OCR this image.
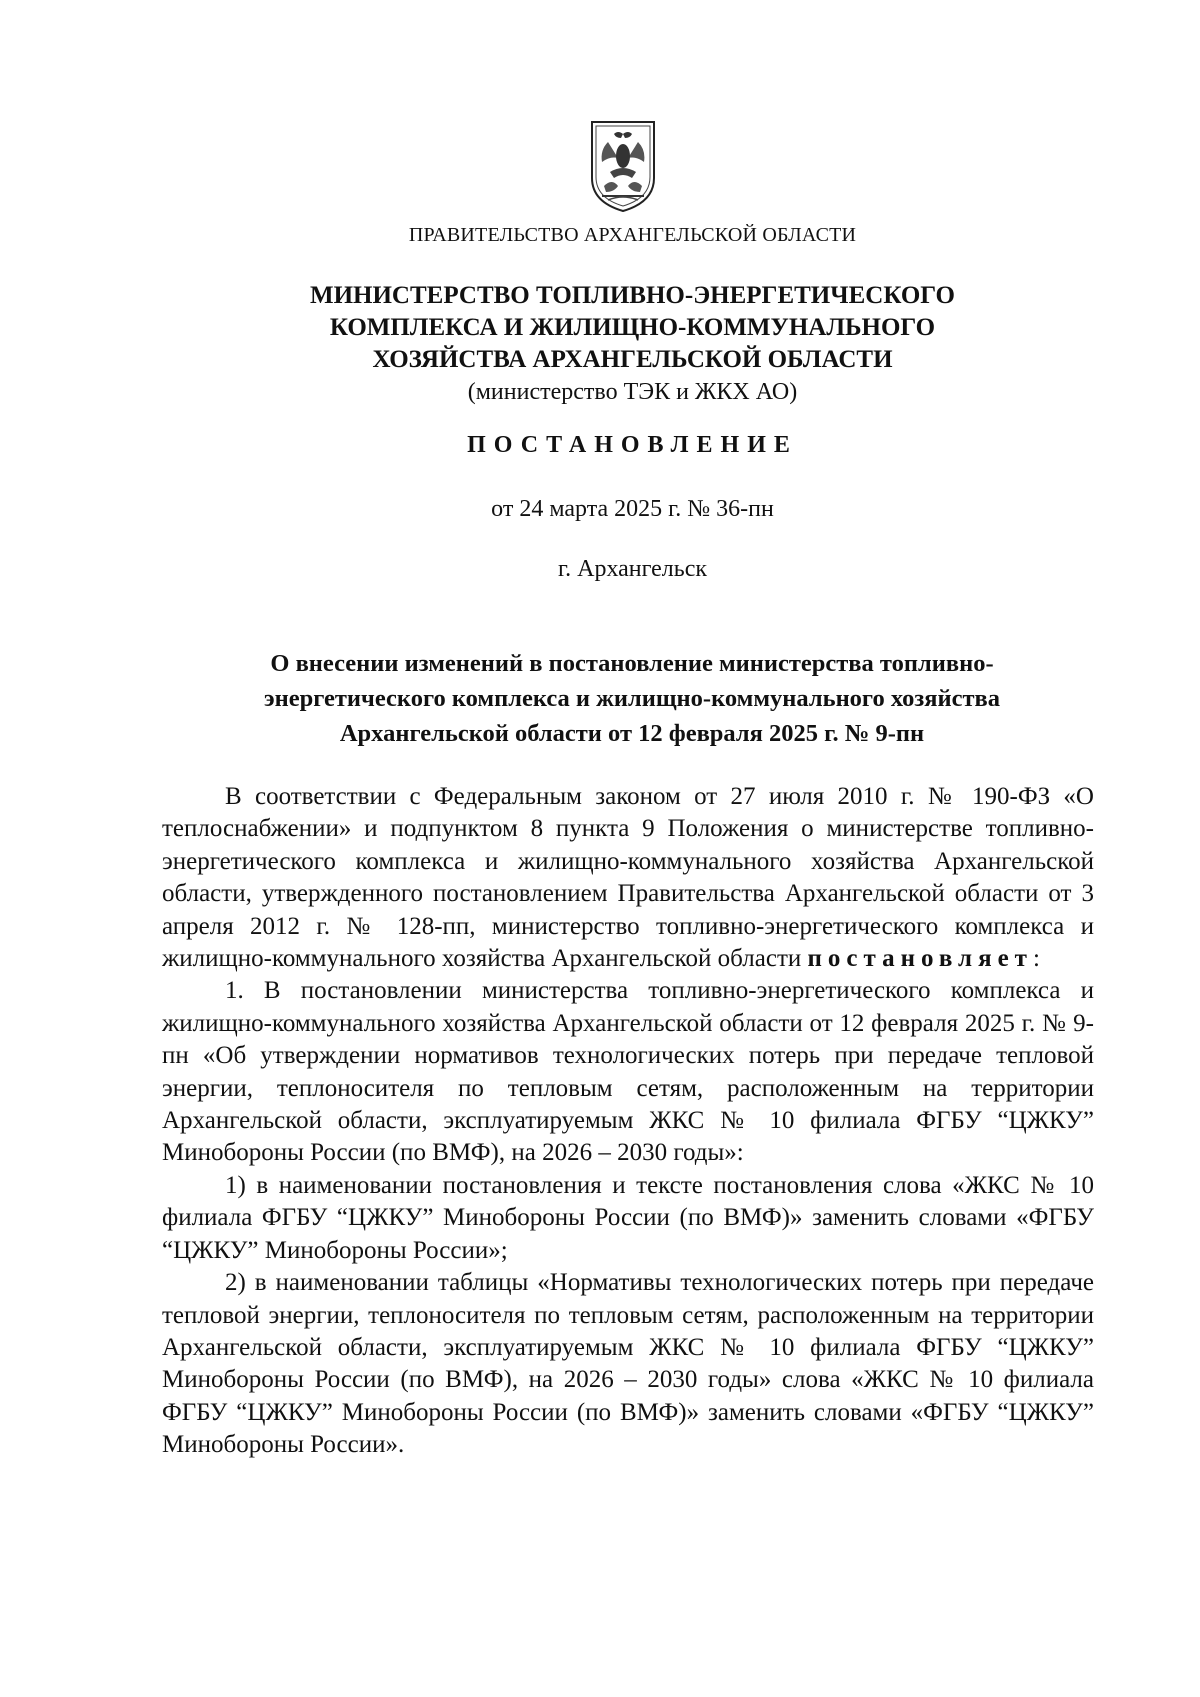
ПРАВИТЕЛЬСТВО АРХАНГЕЛЬСКОЙ ОБЛАСТИ
МИНИСТЕРСТВО ТОПЛИВНО-ЭНЕРГЕТИЧЕСКОГО
КОМПЛЕКСА И ЖИЛИЩНО-КОММУНАЛЬНОГО
ХОЗЯЙСТВА АРХАНГЕЛЬСКОЙ ОБЛАСТИ
(министерство ТЭК и ЖКХ АО)
ПОСТАНОВЛЕНИЕ
от 24 марта 2025 г. № 36-пн
г. Архангельск
О внесении изменений в постановление министерства топливно-
энергетического комплекса и жилищно-коммунального хозяйства
Архангельской области от 12 февраля 2025 г. № 9-пн

В соответствии с Федеральным законом от 27 июля 2010 г. № 190-ФЗ «О теплоснабжении» и подпунктом 8 пункта 9 Положения о министерстве топливно-энергетического комплекса и жилищно-коммунального хозяйства Архангельской области, утвержденного постановлением Правительства Архангельской области от 3 апреля 2012 г. № 128-пп, министерство топливно-энергетического комплекса и жилищно-коммунального хозяйства Архангельской области постановляет:

1. В постановлении министерства топливно-энергетического комплекса и жилищно-коммунального хозяйства Архангельской области от 12 февраля 2025 г. № 9-пн «Об утверждении нормативов технологических потерь при передаче тепловой энергии, теплоносителя по тепловым сетям, расположенным на территории Архангельской области, эксплуатируемым ЖКС № 10 филиала ФГБУ “ЦЖКУ” Минобороны России (по ВМФ), на 2026 – 2030 годы»:

1) в наименовании постановления и тексте постановления слова «ЖКС № 10 филиала ФГБУ “ЦЖКУ” Минобороны России (по ВМФ)» заменить словами «ФГБУ “ЦЖКУ” Минобороны России»;

2) в наименовании таблицы «Нормативы технологических потерь при передаче тепловой энергии, теплоносителя по тепловым сетям, расположенным на территории Архангельской области, эксплуатируемым ЖКС № 10 филиала ФГБУ “ЦЖКУ” Минобороны России (по ВМФ), на 2026 – 2030 годы» слова «ЖКС № 10 филиала ФГБУ “ЦЖКУ” Минобороны России (по ВМФ)» заменить словами «ФГБУ “ЦЖКУ” Минобороны России».
